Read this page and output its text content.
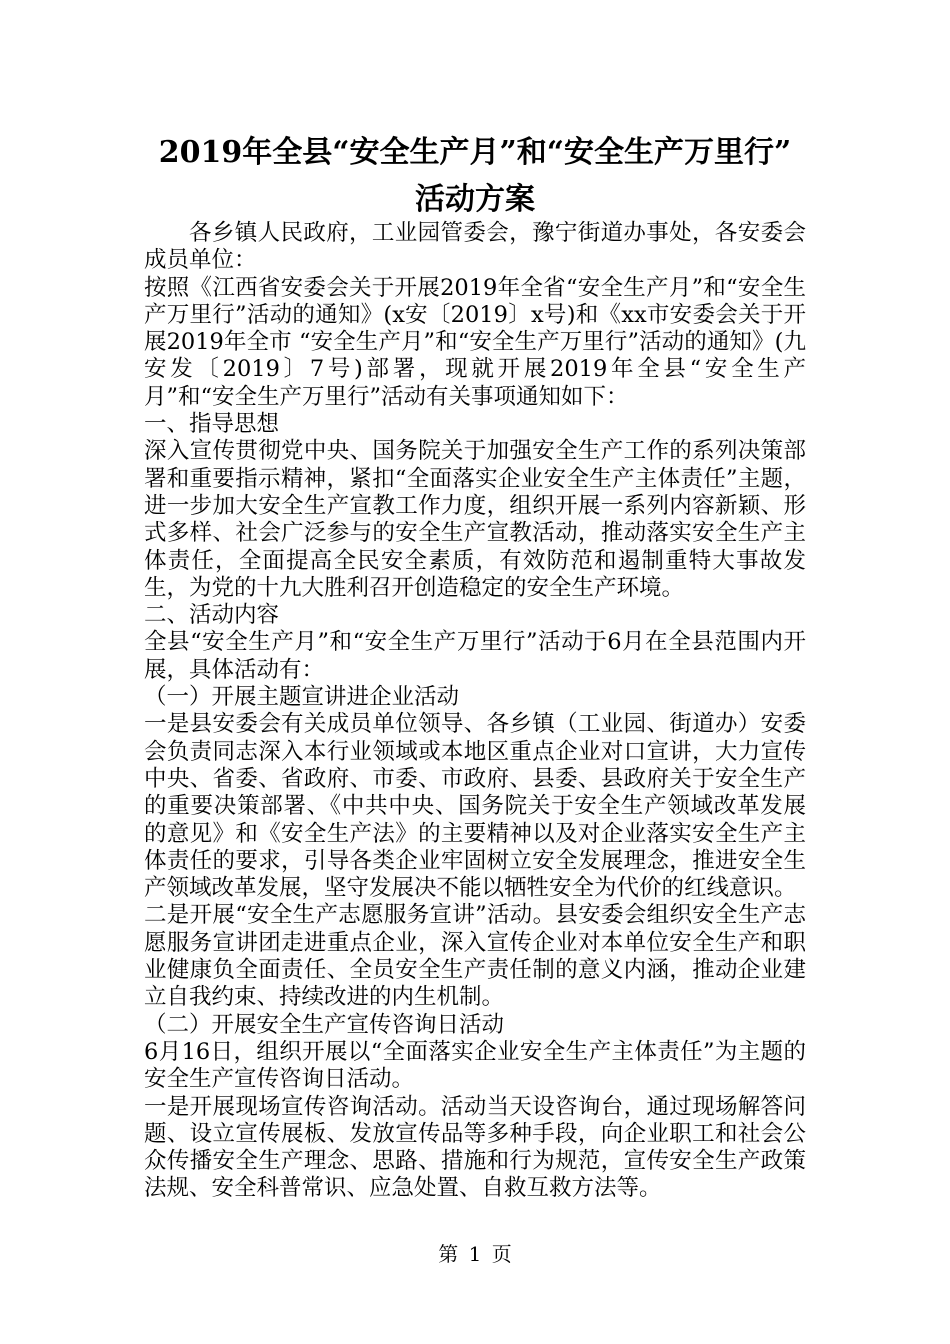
2019年全县“安全生产月”和“安全生产万里行”
活动方案

各乡镇人民政府，工业园管委会，豫宁街道办事处，各安委会成员单位：

按照《江西省安委会关于开展2019年全省“安全生产月”和“安全生产万里行”活动的通知》(x安〔2019〕x号)和《xx市安委会关于开展2019年全市 “安全生产月”和“安全生产万里行”活动的通知》(九安发〔2019〕7号)部署，现就开展2019年全县“安全生产月”和“安全生产万里行”活动有关事项通知如下：

一、指导思想

深入宣传贯彻党中央、国务院关于加强安全生产工作的系列决策部署和重要指示精神，紧扣“全面落实企业安全生产主体责任”主题，进一步加大安全生产宣教工作力度，组织开展一系列内容新颖、形式多样、社会广泛参与的安全生产宣教活动，推动落实安全生产主体责任，全面提高全民安全素质，有效防范和遏制重特大事故发生，为党的十九大胜利召开创造稳定的安全生产环境。

二、活动内容

全县“安全生产月”和“安全生产万里行”活动于6月在全县范围内开展，具体活动有：

（一）开展主题宣讲进企业活动

一是县安委会有关成员单位领导、各乡镇（工业园、街道办）安委会负责同志深入本行业领域或本地区重点企业对口宣讲，大力宣传中央、省委、省政府、市委、市政府、县委、县政府关于安全生产的重要决策部署、《中共中央、国务院关于安全生产领域改革发展的意见》和《安全生产法》的主要精神以及对企业落实安全生产主体责任的要求，引导各类企业牢固树立安全发展理念，推进安全生产领域改革发展，坚守发展决不能以牺牲安全为代价的红线意识。

二是开展“安全生产志愿服务宣讲”活动。县安委会组织安全生产志愿服务宣讲团走进重点企业，深入宣传企业对本单位安全生产和职业健康负全面责任、全员安全生产责任制的意义内涵，推动企业建立自我约束、持续改进的内生机制。

（二）开展安全生产宣传咨询日活动

6月16日，组织开展以“全面落实企业安全生产主体责任”为主题的安全生产宣传咨询日活动。

一是开展现场宣传咨询活动。活动当天设咨询台，通过现场解答问题、设立宣传展板、发放宣传品等多种手段，向企业职工和社会公众传播安全生产理念、思路、措施和行为规范，宣传安全生产政策法规、安全科普常识、应急处置、自救互救方法等。

第 1 页
